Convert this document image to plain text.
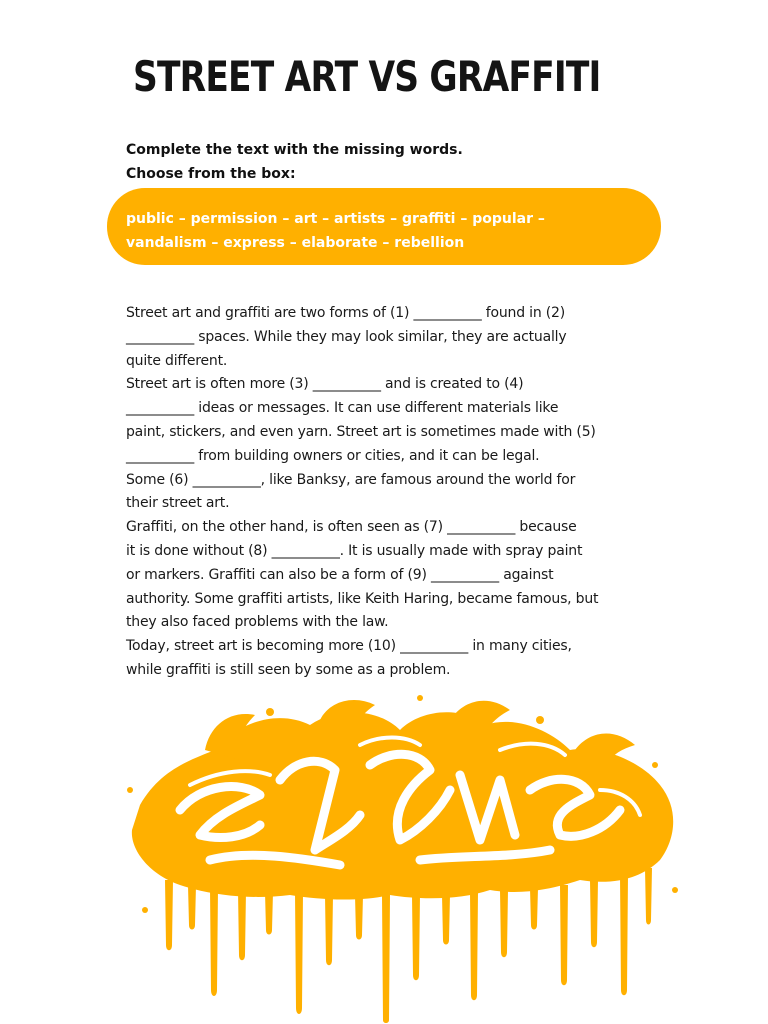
STREET ART VS GRAFFITI
Complete the text with the missing words.
Choose from the box:
public – permission – art – artists – graffiti – popular –
vandalism – express – elaborate – rebellion
Street art and graffiti are two forms of (1) __________ found in (2)
__________ spaces. While they may look similar, they are actually
quite different.
Street art is often more (3) __________ and is created to (4)
__________ ideas or messages. It can use different materials like
paint, stickers, and even yarn. Street art is sometimes made with (5)
__________ from building owners or cities, and it can be legal.
Some (6) __________, like Banksy, are famous around the world for
their street art.
Graffiti, on the other hand, is often seen as (7) __________ because
it is done without (8) __________. It is usually made with spray paint
or markers. Graffiti can also be a form of (9) __________ against
authority. Some graffiti artists, like Keith Haring, became famous, but
they also faced problems with the law.
Today, street art is becoming more (10) __________ in many cities,
while graffiti is still seen by some as a problem.
